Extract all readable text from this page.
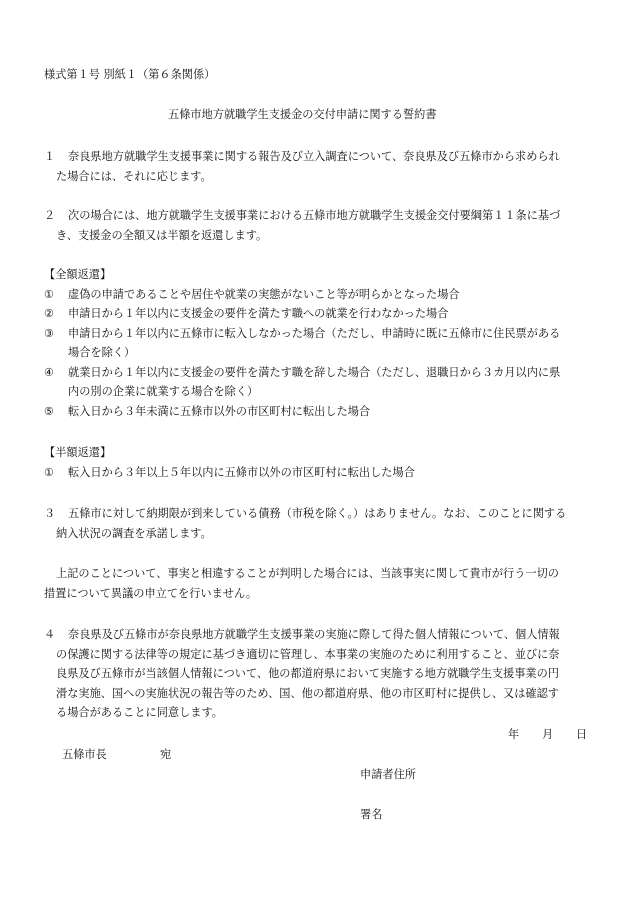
様式第１号 別紙１（第６条関係）
五條市地方就職学生支援金の交付申請に関する誓約書
１ 奈良県地方就職学生支援事業に関する報告及び立入調査について、奈良県及び五條市から求められ
た場合には、それに応じます。
２ 次の場合には、地方就職学生支援事業における五條市地方就職学生支援金交付要綱第１１条に基づ
き、支援金の全額又は半額を返還します。
【全額返還】
① 虚偽の申請であることや居住や就業の実態がないこと等が明らかとなった場合
② 申請日から１年以内に支援金の要件を満たす職への就業を行わなかった場合
③ 申請日から１年以内に五條市に転入しなかった場合（ただし、申請時に既に五條市に住民票がある
場合を除く）
④ 就業日から１年以内に支援金の要件を満たす職を辞した場合（ただし、退職日から３カ月以内に県
内の別の企業に就業する場合を除く）
⑤ 転入日から３年未満に五條市以外の市区町村に転出した場合
【半額返還】
① 転入日から３年以上５年以内に五條市以外の市区町村に転出した場合
３ 五條市に対して納期限が到来している債務（市税を除く。）はありません。なお、このことに関する
納入状況の調査を承諾します。
上記のことについて、事実と相違することが判明した場合には、当該事実に関して貴市が行う一切の
措置について異議の申立てを行いません。
４ 奈良県及び五條市が奈良県地方就職学生支援事業の実施に際して得た個人情報について、個人情報
の保護に関する法律等の規定に基づき適切に管理し、本事業の実施のために利用すること、並びに奈
良県及び五條市が当該個人情報について、他の都道府県において実施する地方就職学生支援事業の円
滑な実施、国への実施状況の報告等のため、国、他の都道府県、他の市区町村に提供し、又は確認す
る場合があることに同意します。
年 月 日
五條市長	宛
申請者住所
署名
